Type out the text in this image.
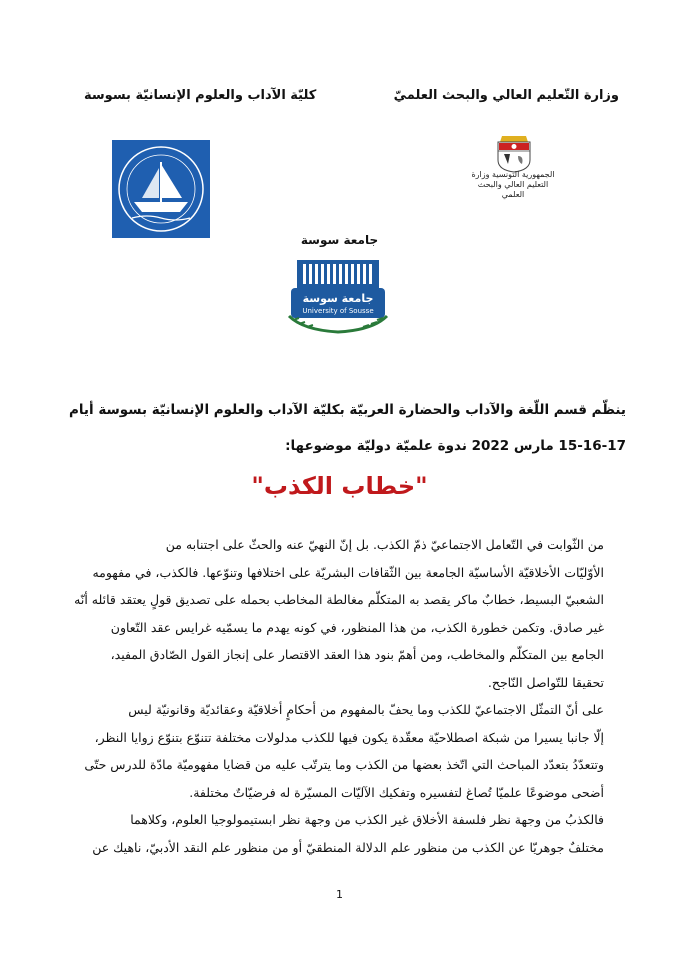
وزارة التّعليم العالي والبحث العلميّ
كليّة الآداب والعلوم الإنسانيّة بسوسة
الجمهورية التونسية وزارة التعليم العالي والبحث العلمي
جامعة سوسة
جامعة سوسة
University of Sousse
ينظّم قسم اللّغة والآداب والحضارة العربيّة بكليّة الآداب والعلوم الإنسانيّة بسوسة أيام
15-16-17 مارس 2022 ندوة علميّة دوليّة موضوعها:
"خطاب الكذب"

من الثّوابت في التّعامل الاجتماعيّ ذمّ الكذب. بل إنّ النهيّ عنه والحثّ على اجتنابه من
الأوّليّات الأخلاقيّة الأساسيّة الجامعة بين الثّقافات البشريّة على اختلافها وتنوّعها. فالكذب، في مفهومه
الشعبيّ البسيط، خطابٌ ماكر يقصد به المتكلّم مغالطة المخاطب بحمله على تصديق قولٍ يعتقد قائله أنّه
غير صادق. وتكمن خطورة الكذب، من هذا المنظور، في كونه يهدم ما يسمّيه غرايس عقد التّعاون
الجامع بين المتكلّم والمخاطب، ومن أهمّ بنود هذا العقد الاقتصار على إنجاز القول الصّادق المفيد،
تحقيقا للتّواصل النّاجح.

على أنّ التمثّل الاجتماعيّ للكذب وما يحفّ بالمفهوم من أحكامٍ أخلاقيّة وعقائديّة وقانونيّة ليس
إلّا جانبا يسيرا من شبكة اصطلاحيّة معقّدة يكون فيها للكذب مدلولات مختلفة تتنوّع بتنوّع زوايا النظر،
وتتعدّدُ بتعدّد المباحث التي اتّخذ بعضها من الكذب وما يترتّب عليه من قضايا مفهوميّة مادّة للدرس حتّى
أضحى موضوعًا علميّا تُصاغ لتفسيره وتفكيك الآليّات المسيّرة له فرضيّاتٌ مختلفة.

فالكذبُ من وجهة نظر فلسفة الأخلاق غير الكذب من وجهة نظر ابستيمولوجيا العلوم، وكلاهما
مختلفٌ جوهريّا عن الكذب من منظور علم الدلالة المنطقيّ أو من منظور علم النقد الأدبيّ، ناهيك عن

1
